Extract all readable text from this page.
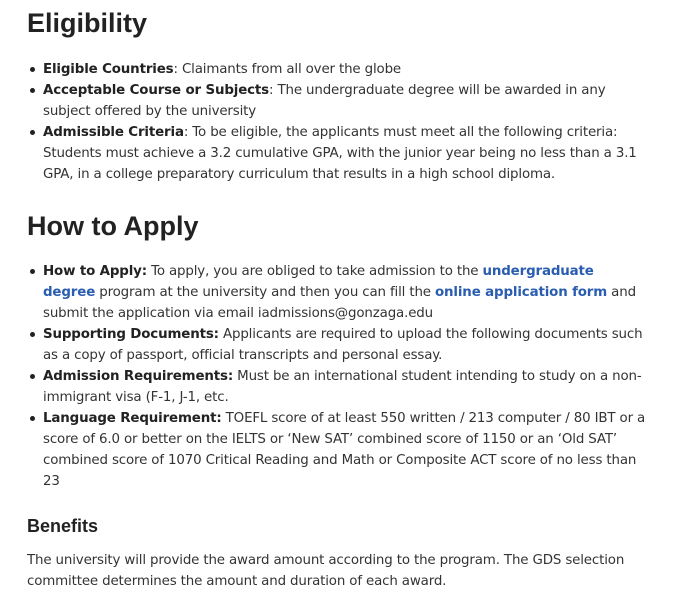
Eligibility
Eligible Countries: Claimants from all over the globe
Acceptable Course or Subjects: The undergraduate degree will be awarded in any subject offered by the university
Admissible Criteria: To be eligible, the applicants must meet all the following criteria: Students must achieve a 3.2 cumulative GPA, with the junior year being no less than a 3.1 GPA, in a college preparatory curriculum that results in a high school diploma.
How to Apply
How to Apply: To apply, you are obliged to take admission to the undergraduate degree program at the university and then you can fill the online application form and submit the application via email iadmissions@gonzaga.edu
Supporting Documents: Applicants are required to upload the following documents such as a copy of passport, official transcripts and personal essay.
Admission Requirements: Must be an international student intending to study on a non-immigrant visa (F-1, J-1, etc.
Language Requirement: TOEFL score of at least 550 written / 213 computer / 80 IBT or a score of 6.0 or better on the IELTS or ‘New SAT’ combined score of 1150 or an ‘Old SAT’ combined score of 1070 Critical Reading and Math or Composite ACT score of no less than 23
Benefits

The university will provide the award amount according to the program. The GDS selection committee determines the amount and duration of each award.
